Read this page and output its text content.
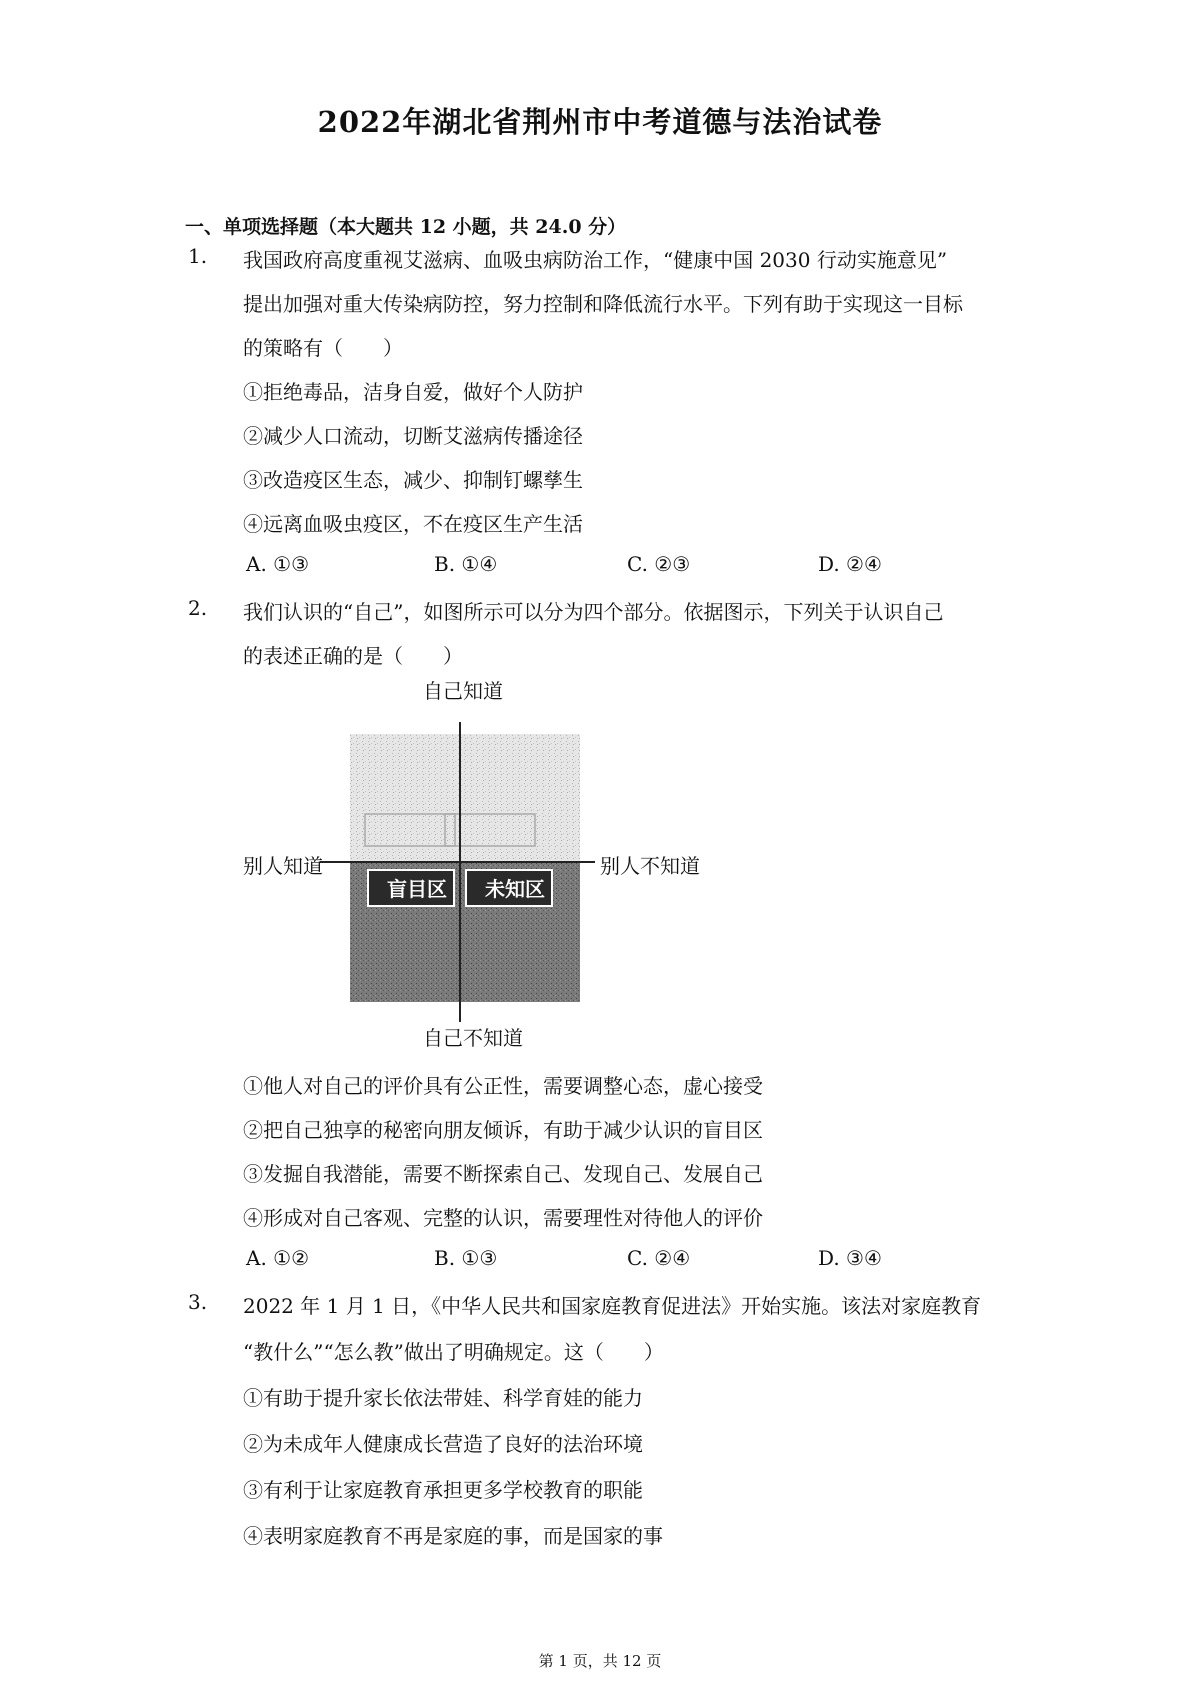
2022年湖北省荆州市中考道德与法治试卷
一、单项选择题（本大题共 12 小题，共 24.0 分）
1. 我国政府高度重视艾滋病、血吸虫病防治工作，“健康中国 2030 行动实施意见”
提出加强对重大传染病防控，努力控制和降低流行水平。下列有助于实现这一目标
的策略有（　　）
①拒绝毒品，洁身自爱，做好个人防护
②减少人口流动，切断艾滋病传播途径
③改造疫区生态，减少、抑制钉螺孳生
④远离血吸虫疫区，不在疫区生产生活
A. ①③	B. ①④	C. ②③	D. ②④
2. 我们认识的“自己”，如图所示可以分为四个部分。依据图示，下列关于认识自己
的表述正确的是（　　）
自己知道
自己不知道
别人知道	别人不知道
盲目区	未知区
①他人对自己的评价具有公正性，需要调整心态，虚心接受
②把自己独享的秘密向朋友倾诉，有助于减少认识的盲目区
③发掘自我潜能，需要不断探索自己、发现自己、发展自己
④形成对自己客观、完整的认识，需要理性对待他人的评价
A. ①②	B. ①③	C. ②④	D. ③④
3. 2022 年 1 月 1 日，《中华人民共和国家庭教育促进法》开始实施。该法对家庭教育
“教什么”“怎么教”做出了明确规定。这（　　）
①有助于提升家长依法带娃、科学育娃的能力
②为未成年人健康成长营造了良好的法治环境
③有利于让家庭教育承担更多学校教育的职能
④表明家庭教育不再是家庭的事，而是国家的事
第 1 页，共 12 页
